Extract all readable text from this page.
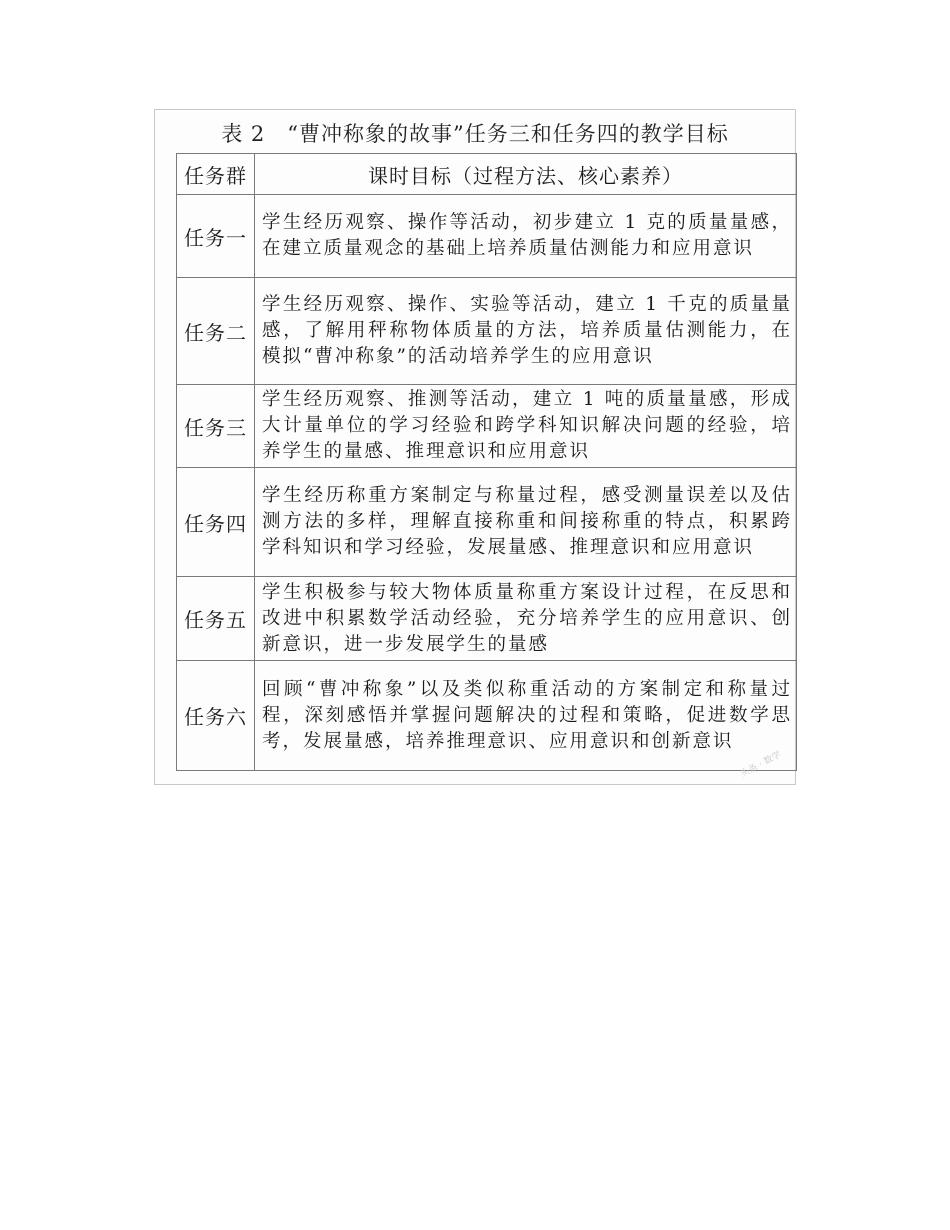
表 2　“曹冲称象的故事”任务三和任务四的教学目标
任务群	课时目标（过程方法、核心素养）
任务一	学生经历观察、操作等活动，初步建立 1 克的质量量感，在建立质量观念的基础上培养质量估测能力和应用意识
任务二	学生经历观察、操作、实验等活动，建立 1 千克的质量量感，了解用秤称物体质量的方法，培养质量估测能力，在模拟“曹冲称象”的活动培养学生的应用意识
任务三	学生经历观察、推测等活动，建立 1 吨的质量量感，形成大计量单位的学习经验和跨学科知识解决问题的经验，培养学生的量感、推理意识和应用意识
任务四	学生经历称重方案制定与称量过程，感受测量误差以及估测方法的多样，理解直接称重和间接称重的特点，积累跨学科知识和学习经验，发展量感、推理意识和应用意识
任务五	学生积极参与较大物体质量称重方案设计过程，在反思和改进中积累数学活动经验，充分培养学生的应用意识、创新意识，进一步发展学生的量感
任务六	回顾“曹冲称象”以及类似称重活动的方案制定和称量过程，深刻感悟并掌握问题解决的过程和策略，促进数学思考，发展量感，培养推理意识、应用意识和创新意识
头条 · 数学
